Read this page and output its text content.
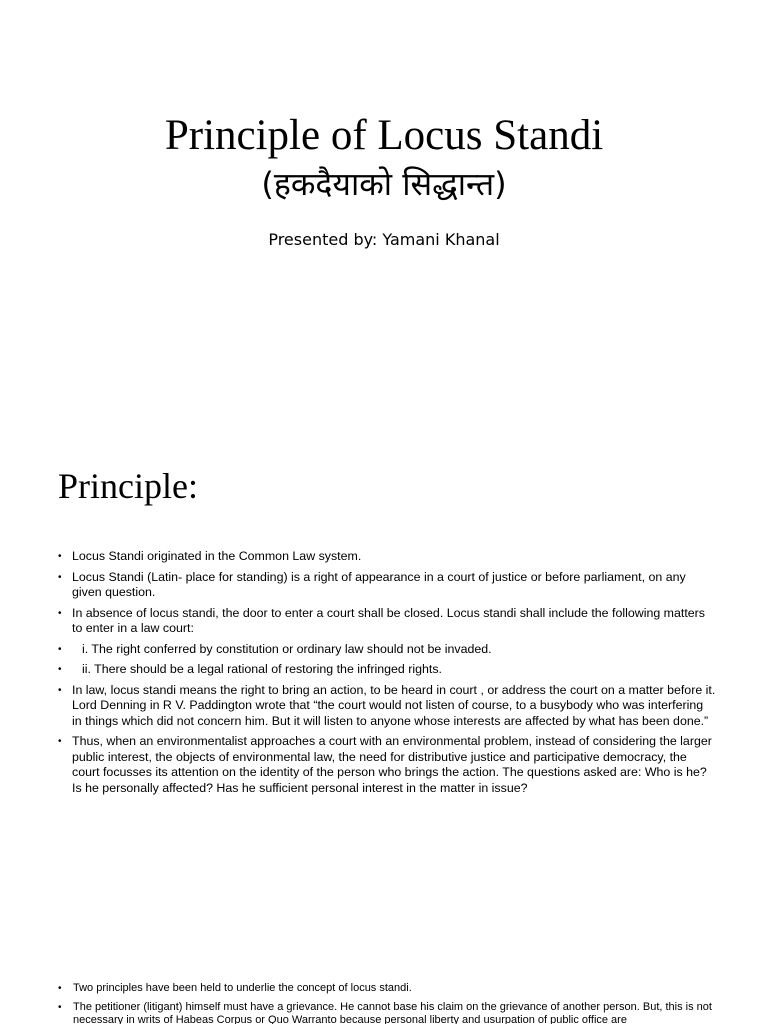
Principle of Locus Standi
(हकदैयाको सिद्धान्त)
Presented by: Yamani Khanal
Principle:
• Locus Standi originated in the Common Law system.
• Locus Standi (Latin- place for standing) is a right of appearance in a court of justice or before parliament, on any given question.
• In absence of locus standi, the door to enter a court shall be closed. Locus standi shall include the following matters to enter in a law court:
• i. The right conferred by constitution or ordinary law should not be invaded.
• ii. There should be a legal rational of restoring the infringed rights.
• In law, locus standi means the right to bring an action, to be heard in court , or address the court on a matter before it. Lord Denning in R V. Paddington wrote that “the court would not listen of course, to a busybody who was interfering in things which did not concern him. But it will listen to anyone whose interests are affected by what has been done.”
• Thus, when an environmentalist approaches a court with an environmental problem, instead of considering the larger public interest, the objects of environmental law, the need for distributive justice and participative democracy, the court focusses its attention on the identity of the person who brings the action. The questions asked are: Who is he? Is he personally affected? Has he sufficient personal interest in the matter in issue?
• Two principles have been held to underlie the concept of locus standi.
• The petitioner (litigant) himself must have a grievance. He cannot base his claim on the grievance of another person. But, this is not necessary in writs of Habeas Corpus or Quo Warranto because personal liberty and usurpation of public office are
